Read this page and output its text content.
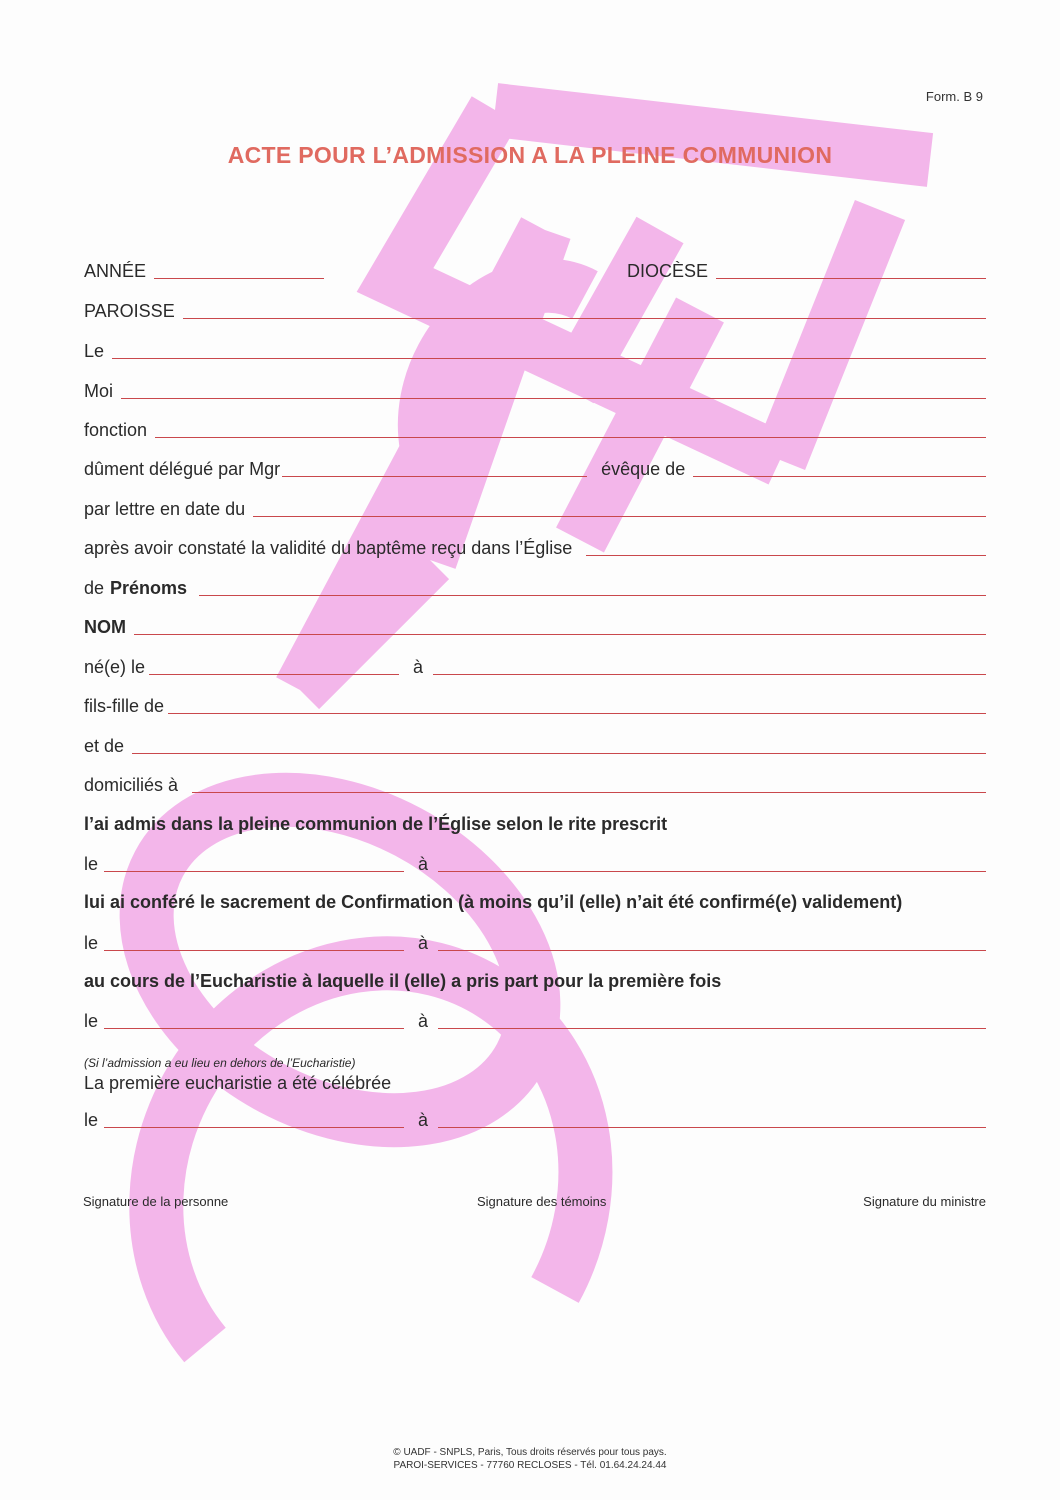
Form. B 9
ACTE POUR L’ADMISSION A LA PLEINE COMMUNION
ANNÉE	DIOCÈSE
PAROISSE
Le
Moi
fonction
dûment délégué par Mgr	évêque de
par lettre en date du
après avoir constaté la validité du baptême reçu dans l’Église
de Prénoms
NOM
né(e) le	à
fils-fille de
et de
domiciliés à
l’ai admis dans la pleine communion de l’Église selon le rite prescrit
le	à
lui ai conféré le sacrement de Confirmation (à moins qu’il (elle) n’ait été confirmé(e) validement)
le	à
au cours de l’Eucharistie à laquelle il (elle) a pris part pour la première fois
le	à
(Si l’admission a eu lieu en dehors de l’Eucharistie)
La première eucharistie a été célébrée
le	à
Signature de la personne	Signature des témoins	Signature du ministre
© UADF - SNPLS, Paris, Tous droits réservés pour tous pays.
PAROI-SERVICES - 77760 RECLOSES - Tél. 01.64.24.24.44
